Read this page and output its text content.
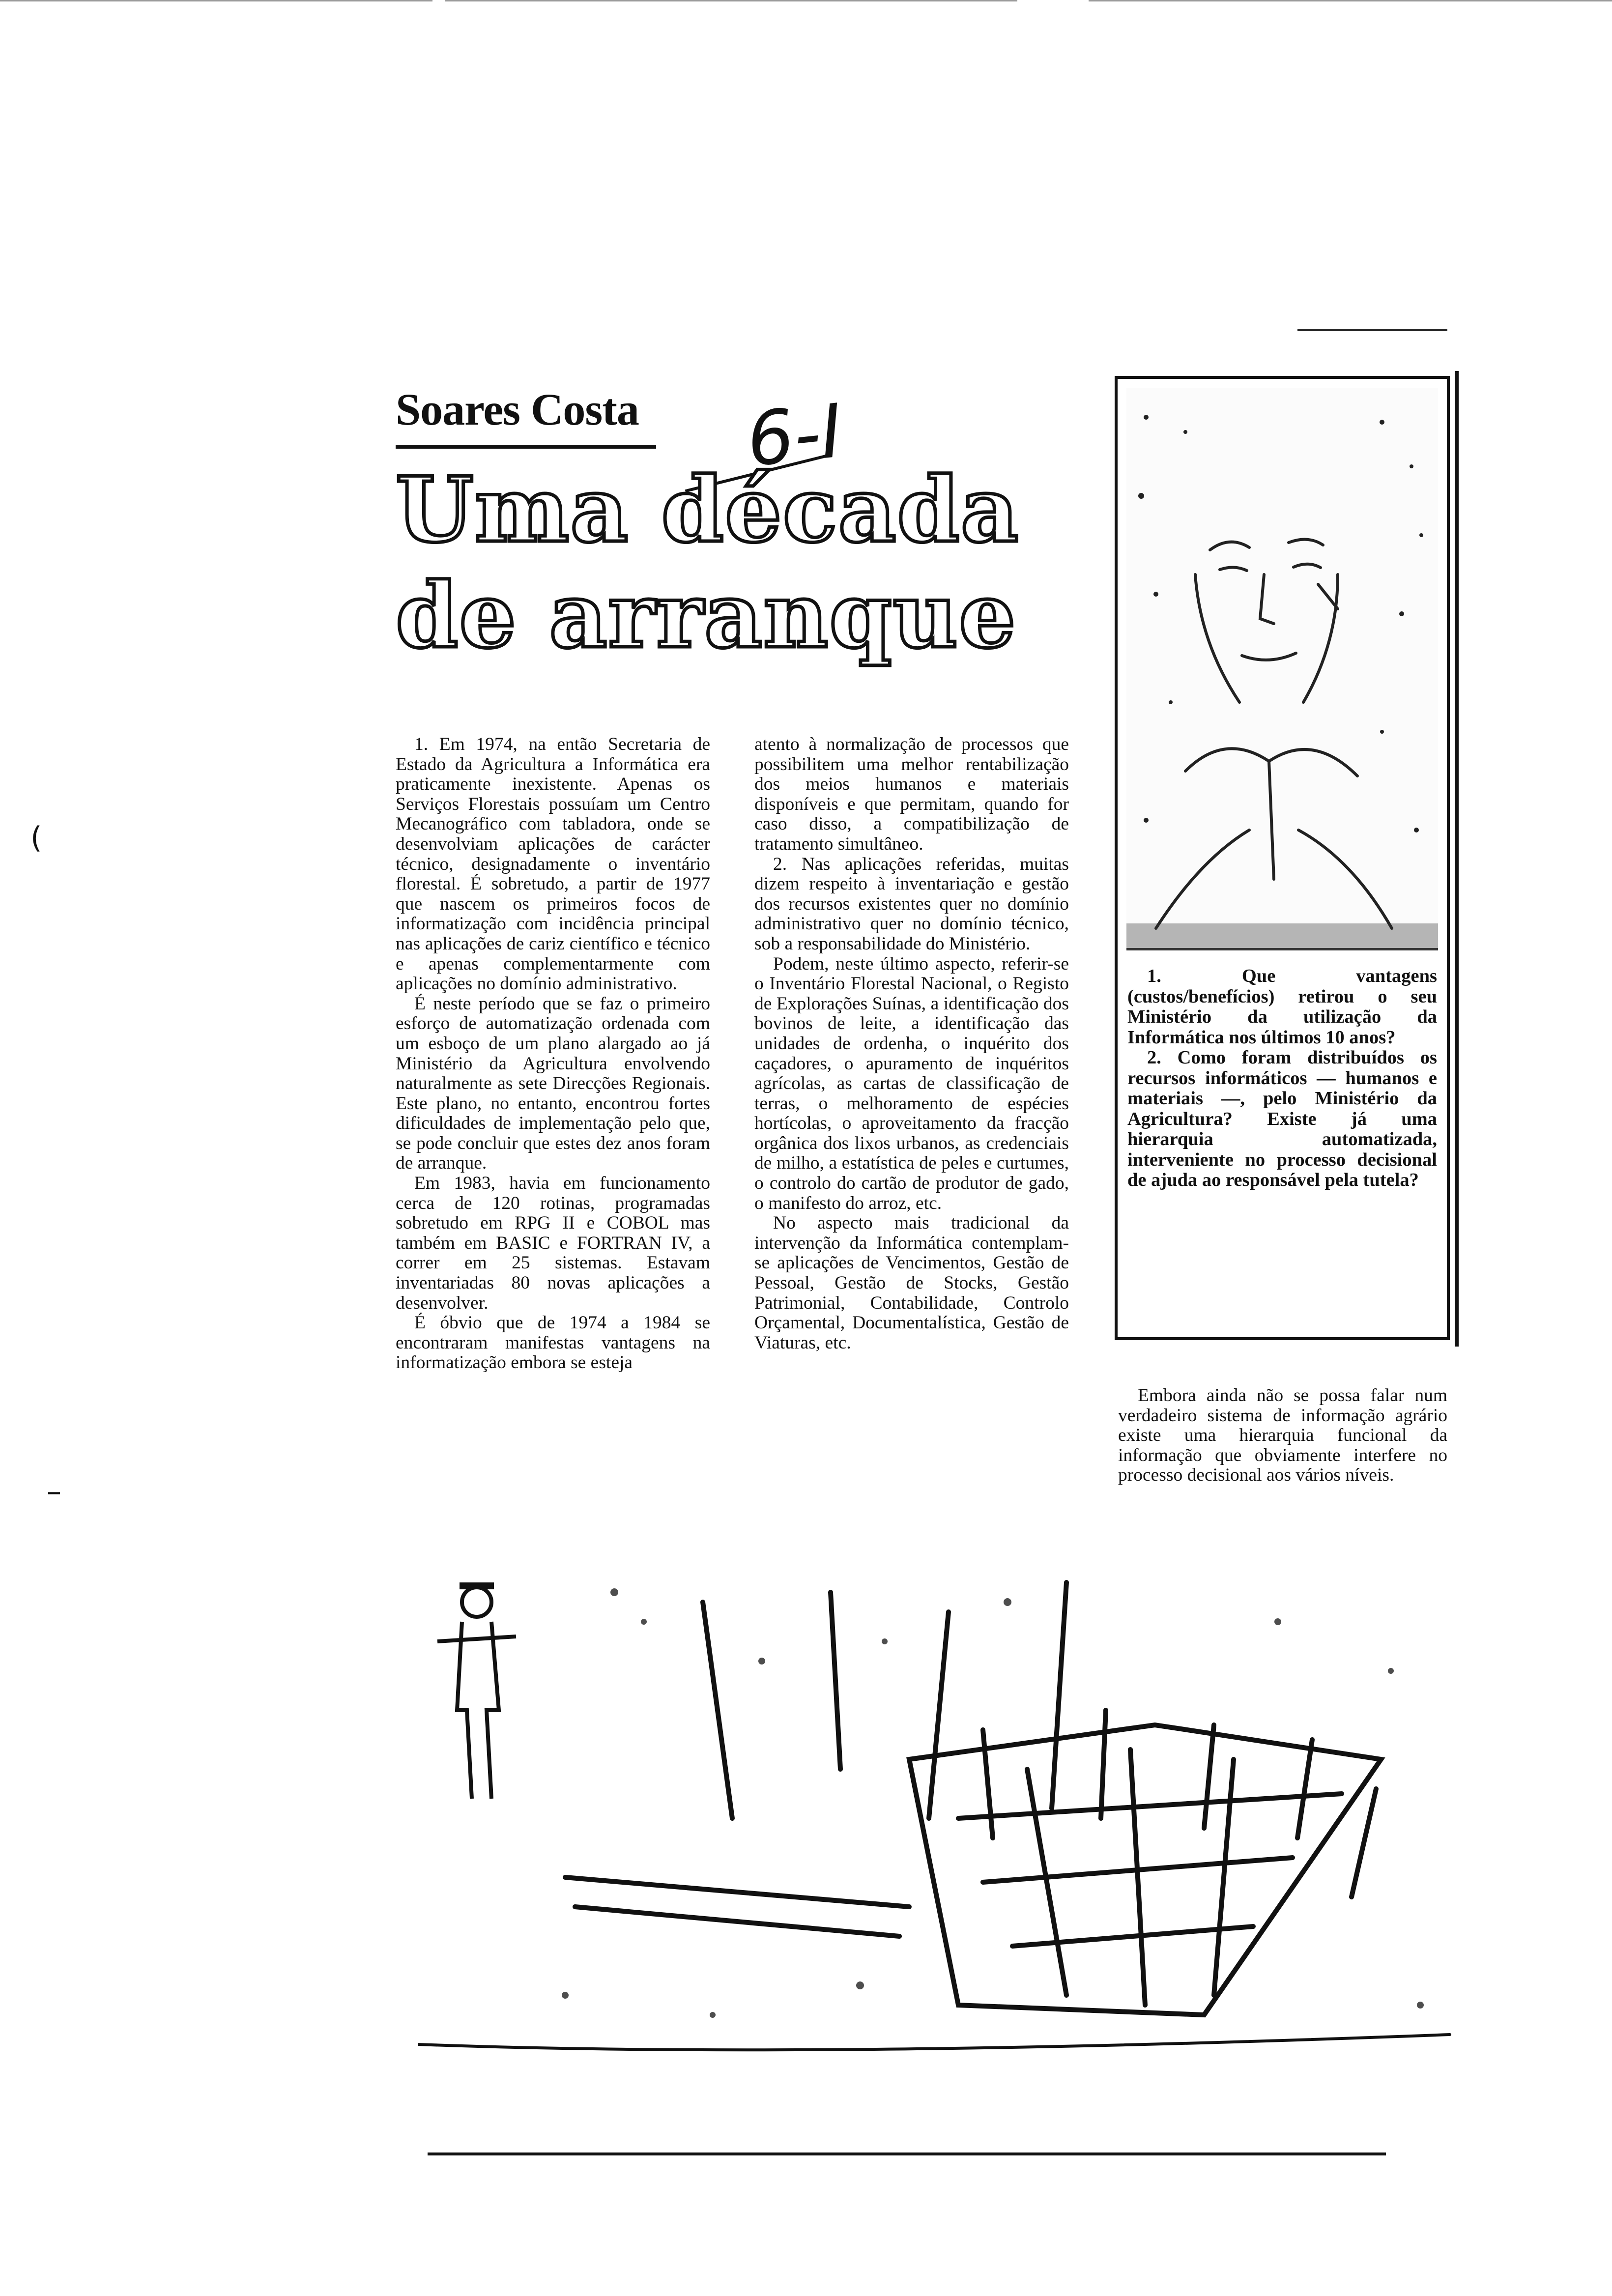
Soares Costa 6-I
Uma década
de arranque

1. Em 1974, na então Secretaria de Estado da Agricultura a Informática era praticamente inexistente. Apenas os Serviços Florestais possuíam um Centro Mecanográfico com tabladora, onde se desenvolviam aplicações de carácter técnico, designadamente o inventário florestal. É sobretudo, a partir de 1977 que nascem os primeiros focos de informatização com incidência principal nas aplicações de cariz científico e técnico e apenas complementarmente com aplicações no domínio administrativo.

É neste período que se faz o primeiro esforço de automatização ordenada com um esboço de um plano alargado ao já Ministério da Agricultura envolvendo naturalmente as sete Direcções Regionais. Este plano, no entanto, encontrou fortes dificuldades de implementação pelo que, se pode concluir que estes dez anos foram de arranque.

Em 1983, havia em funcionamento cerca de 120 rotinas, programadas sobretudo em RPG II e COBOL mas também em BASIC e FORTRAN IV, a correr em 25 sistemas. Estavam inventariadas 80 novas aplicações a desenvolver.

É óbvio que de 1974 a 1984 se encontraram manifestas vantagens na informatização embora se esteja

atento à normalização de processos que possibilitem uma melhor rentabilização dos meios humanos e materiais disponíveis e que permitam, quando for caso disso, a compatibilização de tratamento simultâneo.

2. Nas aplicações referidas, muitas dizem respeito à inventariação e gestão dos recursos existentes quer no domínio administrativo quer no domínio técnico, sob a responsabilidade do Ministério.

Podem, neste último aspecto, referir-se o Inventário Florestal Nacional, o Registo de Explorações Suínas, a identificação dos bovinos de leite, a identificação das unidades de ordenha, o inquérito dos caçadores, o apuramento de inquéritos agrícolas, as cartas de classificação de terras, o melhoramento de espécies hortícolas, o aproveitamento da fracção orgânica dos lixos urbanos, as credenciais de milho, a estatística de peles e curtumes, o controlo do cartão de produtor de gado, o manifesto do arroz, etc.

No aspecto mais tradicional da intervenção da Informática contemplam-se aplicações de Vencimentos, Gestão de Pessoal, Gestão de Stocks, Gestão Patrimonial, Contabilidade, Controlo Orçamental, Documentalística, Gestão de Viaturas, etc.

1. Que vantagens (custos/benefícios) retirou o seu Ministério da utilização da Informática nos últimos 10 anos?

2. Como foram distribuídos os recursos informáticos — humanos e materiais —, pelo Ministério da Agricultura? Existe já uma hierarquia automatizada, interveniente no processo decisional de ajuda ao responsável pela tutela?

Embora ainda não se possa falar num verdadeiro sistema de informação agrário existe uma hierarquia funcional da informação que obviamente interfere no processo decisional aos vários níveis.

(
–
